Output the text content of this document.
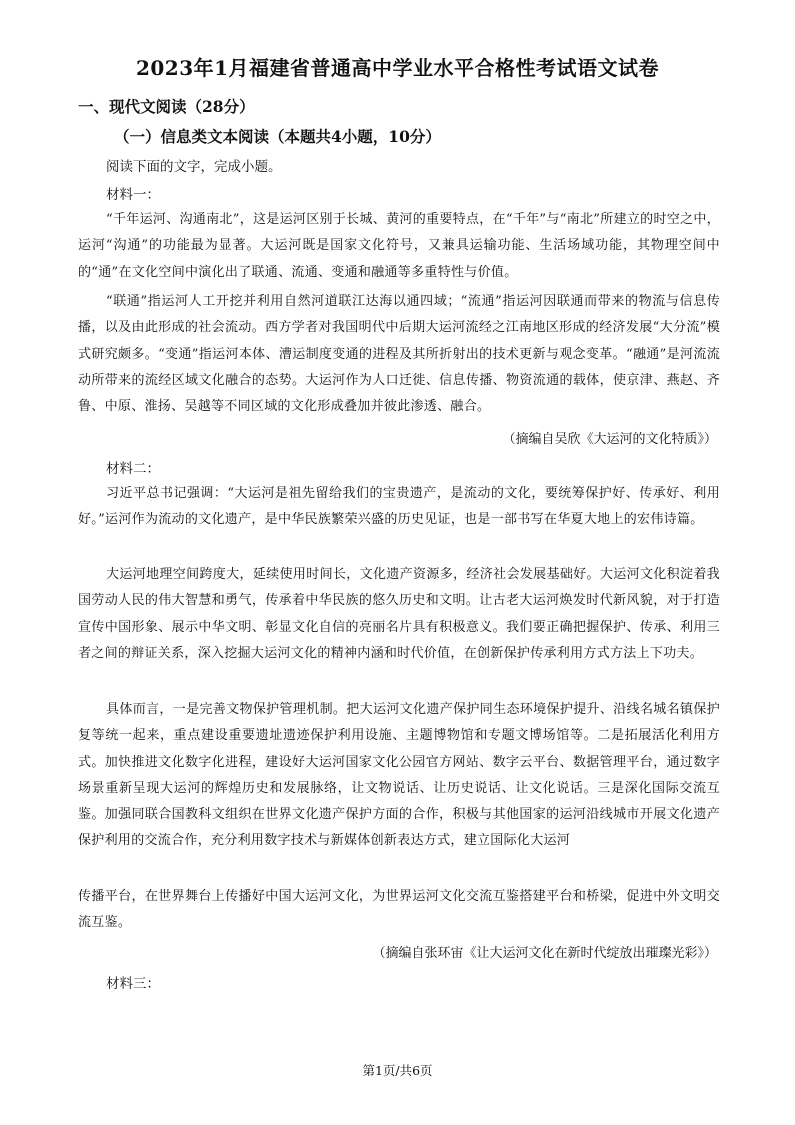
2023年1月福建省普通高中学业水平合格性考试语文试卷
一、现代文阅读（28分）
（一）信息类文本阅读（本题共4小题，10分）
阅读下面的文字，完成小题。
材料一：
“千年运河、沟通南北”，这是运河区别于长城、黄河的重要特点，在“千年”与“南北”所建立的时空之中，运河“沟通”的功能最为显著。大运河既是国家文化符号，又兼具运输功能、生活场域功能，其物理空间中的“通”在文化空间中演化出了联通、流通、变通和融通等多重特性与价值。
“联通”指运河人工开挖并利用自然河道联江达海以通四域；“流通”指运河因联通而带来的物流与信息传播，以及由此形成的社会流动。西方学者对我国明代中后期大运河流经之江南地区形成的经济发展“大分流”模式研究颇多。“变通”指运河本体、漕运制度变通的进程及其所折射出的技术更新与观念变革。“融通”是河流流动所带来的流经区域文化融合的态势。大运河作为人口迁徙、信息传播、物资流通的载体，使京津、燕赵、齐鲁、中原、淮扬、吴越等不同区域的文化形成叠加并彼此渗透、融合。
（摘编自吴欣《大运河的文化特质》）
材料二：
习近平总书记强调：“大运河是祖先留给我们的宝贵遗产，是流动的文化，要统筹保护好、传承好、利用好。”运河作为流动的文化遗产，是中华民族繁荣兴盛的历史见证，也是一部书写在华夏大地上的宏伟诗篇。
大运河地理空间跨度大，延续使用时间长，文化遗产资源多，经济社会发展基础好。大运河文化积淀着我国劳动人民的伟大智慧和勇气，传承着中华民族的悠久历史和文明。让古老大运河焕发时代新风貌，对于打造宣传中国形象、展示中华文明、彰显文化自信的亮丽名片具有积极意义。我们要正确把握保护、传承、利用三者之间的辩证关系，深入挖掘大运河文化的精神内涵和时代价值，在创新保护传承利用方式方法上下功夫。
具体而言，一是完善文物保护管理机制。把大运河文化遗产保护同生态环境保护提升、沿线名城名镇保护复等统一起来，重点建设重要遗址遗迹保护利用设施、主题博物馆和专题文博场馆等。二是拓展活化利用方式。加快推进文化数字化进程，建设好大运河国家文化公园官方网站、数字云平台、数据管理平台，通过数字场景重新呈现大运河的辉煌历史和发展脉络，让文物说话、让历史说话、让文化说话。三是深化国际交流互鉴。加强同联合国教科文组织在世界文化遗产保护方面的合作，积极与其他国家的运河沿线城市开展文化遗产保护利用的交流合作，充分利用数字技术与新媒体创新表达方式，建立国际化大运河
传播平台，在世界舞台上传播好中国大运河文化，为世界运河文化交流互鉴搭建平台和桥梁，促进中外文明交流互鉴。
（摘编自张环宙《让大运河文化在新时代绽放出璀璨光彩》）
材料三：
第1页/共6页
